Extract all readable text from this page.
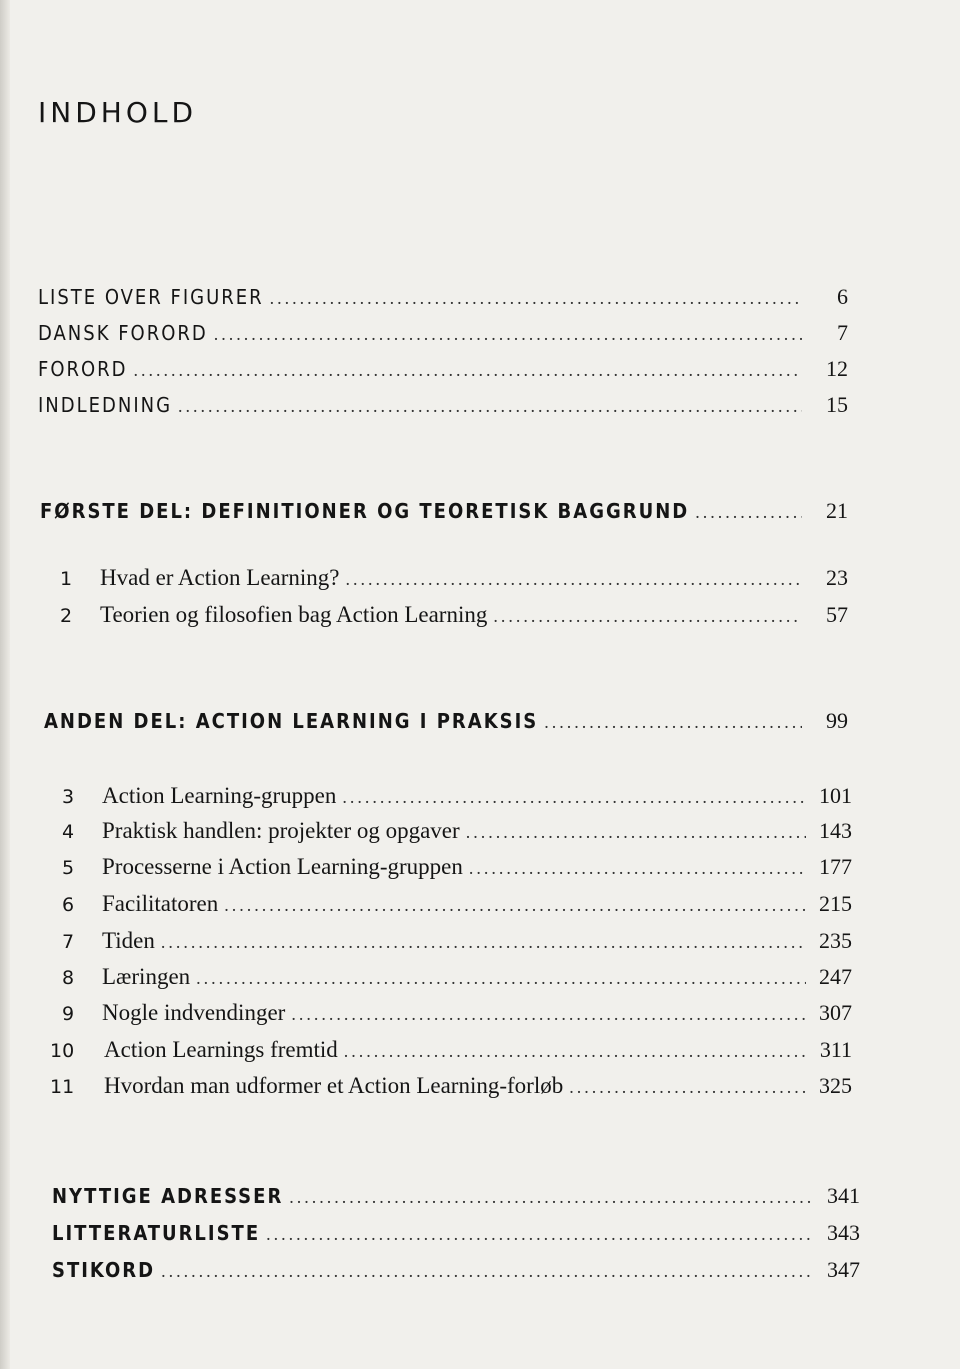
INDHOLD
LISTE OVER FIGURER .....	6
DANSK FORORD .....	7
FORORD .....	12
INDLEDNING .....	15
FØRSTE DEL: DEFINITIONER OG TEORETISK BAGGRUND .....	21
1	Hvad er Action Learning? .....	23
2	Teorien og filosofien bag Action Learning .....	57
ANDEN DEL: ACTION LEARNING I PRAKSIS .....	99
3	Action Learning-gruppen .....	101
4	Praktisk handlen: projekter og opgaver .....	143
5	Processerne i Action Learning-gruppen .....	177
6	Facilitatoren .....	215
7	Tiden .....	235
8	Læringen .....	247
9	Nogle indvendinger .....	307
10	Action Learnings fremtid .....	311
11	Hvordan man udformer et Action Learning-forløb .....	325
NYTTIGE ADRESSER .....	341
LITTERATURLISTE .....	343
STIKORD .....	347
